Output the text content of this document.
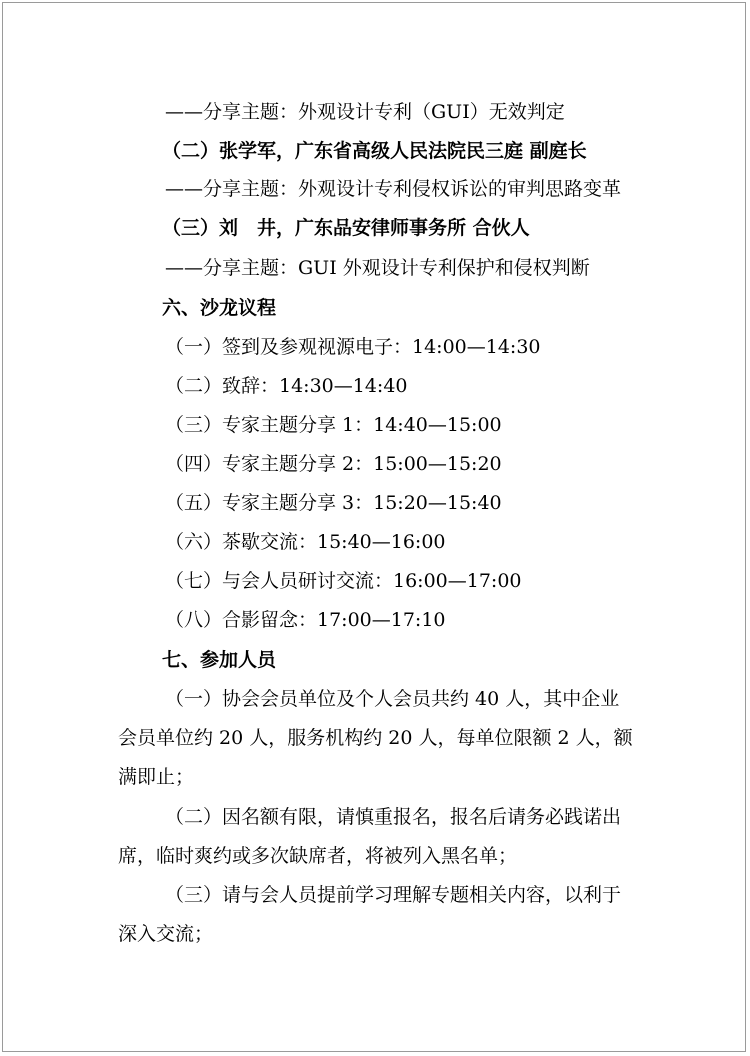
——分享主题：外观设计专利（GUI）无效判定
（二）张学军，广东省高级人民法院民三庭 副庭长
——分享主题：外观设计专利侵权诉讼的审判思路变革
（三）刘　井，广东品安律师事务所 合伙人
——分享主题：GUI 外观设计专利保护和侵权判断
六、沙龙议程
（一）签到及参观视源电子：14:00—14:30
（二）致辞：14:30—14:40
（三）专家主题分享 1：14:40—15:00
（四）专家主题分享 2：15:00—15:20
（五）专家主题分享 3：15:20—15:40
（六）茶歇交流：15:40—16:00
（七）与会人员研讨交流：16:00—17:00
（八）合影留念：17:00—17:10
七、参加人员
（一）协会会员单位及个人会员共约 40 人，其中企业
会员单位约 20 人，服务机构约 20 人，每单位限额 2 人，额
满即止；
（二）因名额有限，请慎重报名，报名后请务必践诺出
席，临时爽约或多次缺席者，将被列入黑名单；
（三）请与会人员提前学习理解专题相关内容，以利于
深入交流；
